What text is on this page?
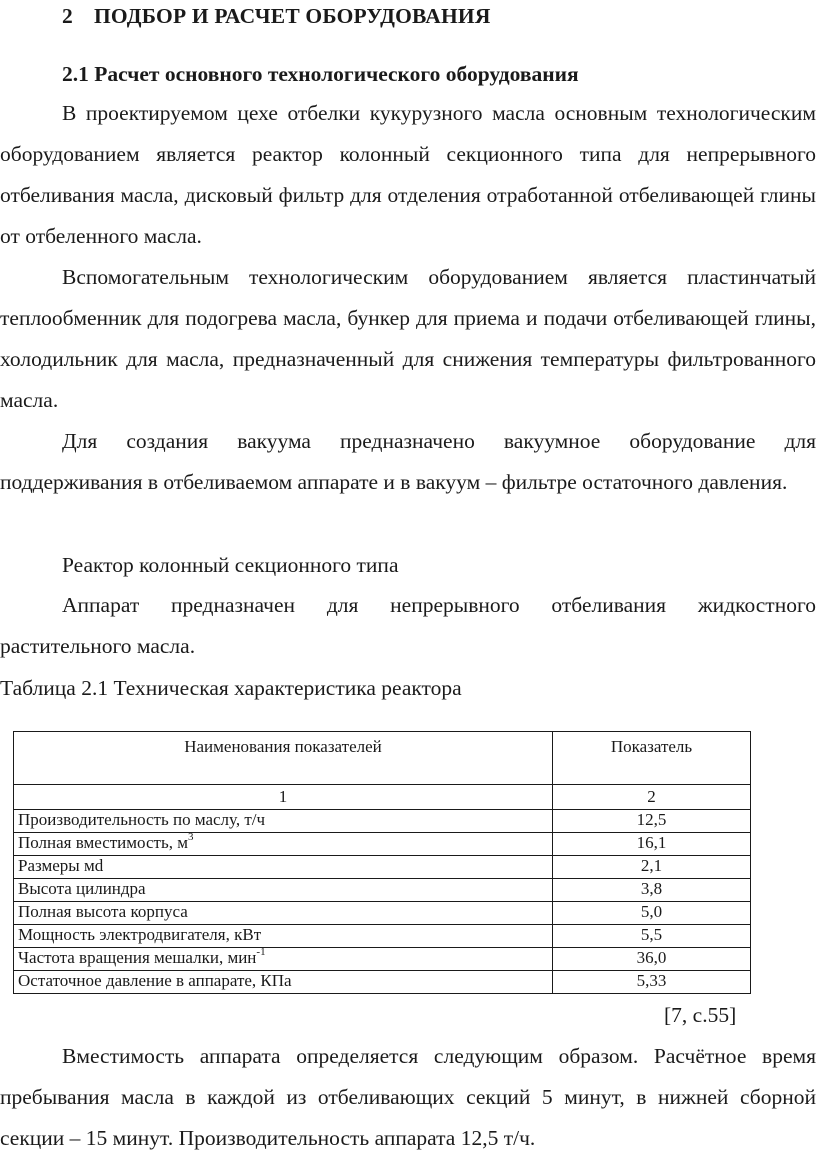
2 ПОДБОР И РАСЧЕТ ОБОРУДОВАНИЯ
2.1 Расчет основного технологического оборудования

В проектируемом цехе отбелки кукурузного масла основным технологическим оборудованием является реактор колонный секционного типа для непрерывного отбеливания масла, дисковый фильтр для отделения отработанной отбеливающей глины от отбеленного масла.

Вспомогательным технологическим оборудованием является пластинчатый теплообменник для подогрева масла, бункер для приема и подачи отбеливающей глины, холодильник для масла, предназначенный для снижения температуры фильтрованного масла.

Для создания вакуума предназначено вакуумное оборудование для поддерживания в отбеливаемом аппарате и в вакуум – фильтре остаточного давления.

Реактор колонный секционного типа

Аппарат предназначен для непрерывного отбеливания жидкостного растительного масла.

Таблица 2.1 Техническая характеристика реактора
Наименования показателей	Показатель
1	2
Производительность по маслу, т/ч	12,5
Полная вместимость, $м^3$	16,1
Размеры мd	2,1
Высота цилиндра	3,8
Полная высота корпуса	5,0
Мощность электродвигателя, кВт	5,5
Частота вращения мешалки, мин$^{-1}$	36,0
Остаточное давление в аппарате, КПа	5,33
[7, с.55]

Вместимость аппарата определяется следующим образом. Расчётное время пребывания масла в каждой из отбеливающих секций 5 минут, в нижней сборной секции – 15 минут. Производительность аппарата 12,5 т/ч.
